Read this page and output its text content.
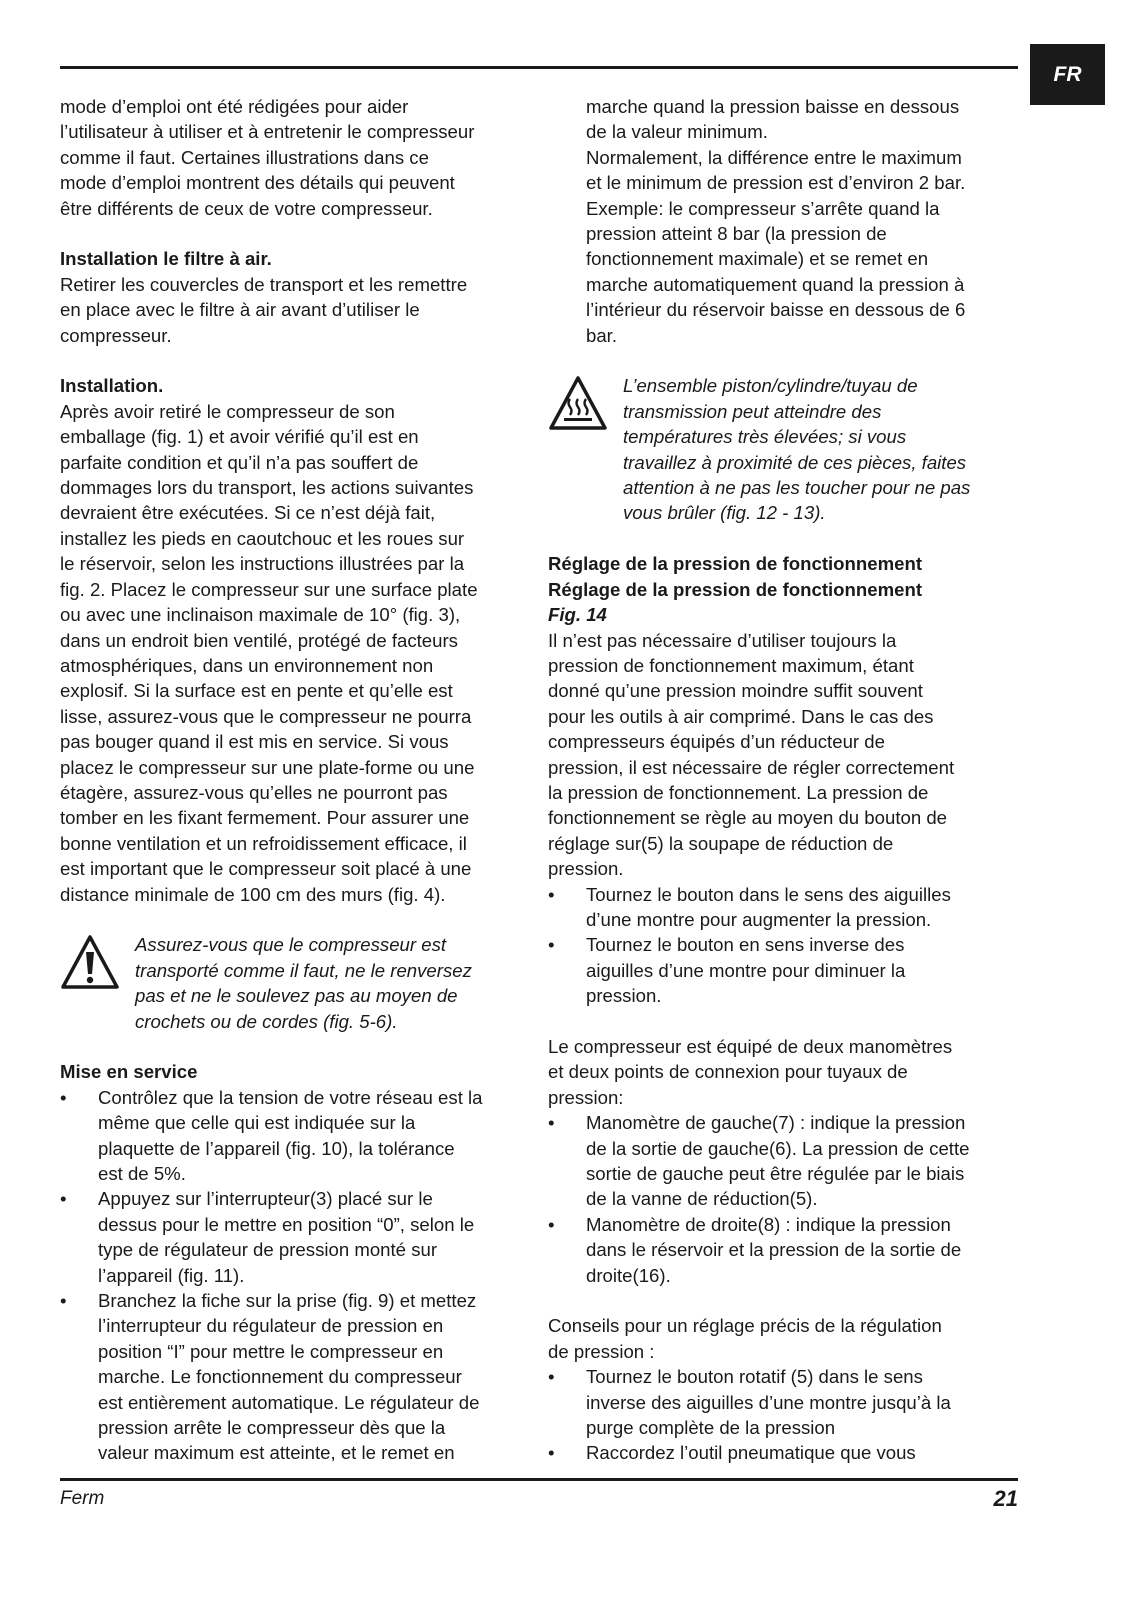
FR

mode d’emploi ont été rédigées pour aider

l’utilisateur à utiliser et à entretenir le compresseur

comme il faut. Certaines illustrations dans ce

mode d’emploi montrent des détails qui peuvent

être différents de ceux de votre compresseur.

Installation le filtre à air.

Retirer les couvercles de transport et les remettre

en place avec le filtre à air avant d’utiliser le

compresseur.

Installation.

Après avoir retiré le compresseur de son

emballage (fig. 1) et avoir vérifié qu’il est en

parfaite condition et qu’il n’a pas souffert de

dommages lors du transport, les actions suivantes

devraient être exécutées. Si ce n’est déjà fait,

installez les pieds en caoutchouc et les roues sur

le réservoir, selon les instructions illustrées par la

fig. 2. Placez le compresseur sur une surface plate

ou avec une inclinaison maximale de 10° (fig. 3),

dans un endroit bien ventilé, protégé de facteurs

atmosphériques, dans un environnement non

explosif. Si la surface est en pente et qu’elle est

lisse, assurez-vous que le compresseur ne pourra

pas bouger quand il est mis en service. Si vous

placez le compresseur sur une plate-forme ou une

étagère, assurez-vous qu’elles ne pourront pas

tomber en les fixant fermement. Pour assurer une

bonne ventilation et un refroidissement efficace, il

est important que le compresseur soit placé à une

distance minimale de 100 cm des murs (fig. 4).

Assurez-vous que le compresseur est

transporté comme il faut, ne le renversez

pas et ne le soulevez pas au moyen de

crochets ou de cordes (fig. 5-6).

Mise en service

• Contrôlez que la tension de votre réseau est la

même que celle qui est indiquée sur la

plaquette de l’appareil (fig. 10), la tolérance

est de 5%.

• Appuyez sur l’interrupteur(3) placé sur le

dessus pour le mettre en position “0”, selon le

type de régulateur de pression monté sur

l’appareil (fig. 11).

• Branchez la fiche sur la prise (fig. 9) et mettez

l’interrupteur du régulateur de pression en

position “I” pour mettre le compresseur en

marche. Le fonctionnement du compresseur

est entièrement automatique. Le régulateur de

pression arrête le compresseur dès que la

valeur maximum est atteinte, et le remet en

marche quand la pression baisse en dessous

de la valeur minimum.

Normalement, la différence entre le maximum

et le minimum de pression est d’environ 2 bar.

Exemple: le compresseur s’arrête quand la

pression atteint 8 bar (la pression de

fonctionnement maximale) et se remet en

marche automatiquement quand la pression à

l’intérieur du réservoir baisse en dessous de 6

bar.

L’ensemble piston/cylindre/tuyau de

transmission peut atteindre des

températures très élevées; si vous

travaillez à proximité de ces pièces, faites

attention à ne pas les toucher pour ne pas

vous brûler (fig. 12 - 13).

Réglage de la pression de fonctionnement

Réglage de la pression de fonctionnement

Fig. 14

Il n’est pas nécessaire d’utiliser toujours la

pression de fonctionnement maximum, étant

donné qu’une pression moindre suffit souvent

pour les outils à air comprimé. Dans le cas des

compresseurs équipés d’un réducteur de

pression, il est nécessaire de régler correctement

la pression de fonctionnement. La pression de

fonctionnement se règle au moyen du bouton de

réglage sur(5) la soupape de réduction de

pression.

• Tournez le bouton dans le sens des aiguilles

d’une montre pour augmenter la pression.

• Tournez le bouton en sens inverse des

aiguilles d’une montre pour diminuer la

pression.

Le compresseur est équipé de deux manomètres

et deux points de connexion pour tuyaux de

pression:

• Manomètre de gauche(7) : indique la pression

de la sortie de gauche(6). La pression de cette

sortie de gauche peut être régulée par le biais

de la vanne de réduction(5).

• Manomètre de droite(8) : indique la pression

dans le réservoir et la pression de la sortie de

droite(16).

Conseils pour un réglage précis de la régulation

de pression :

• Tournez le bouton rotatif (5) dans le sens

inverse des aiguilles d’une montre jusqu’à la

purge complète de la pression

• Raccordez l’outil pneumatique que vous

Ferm	21
